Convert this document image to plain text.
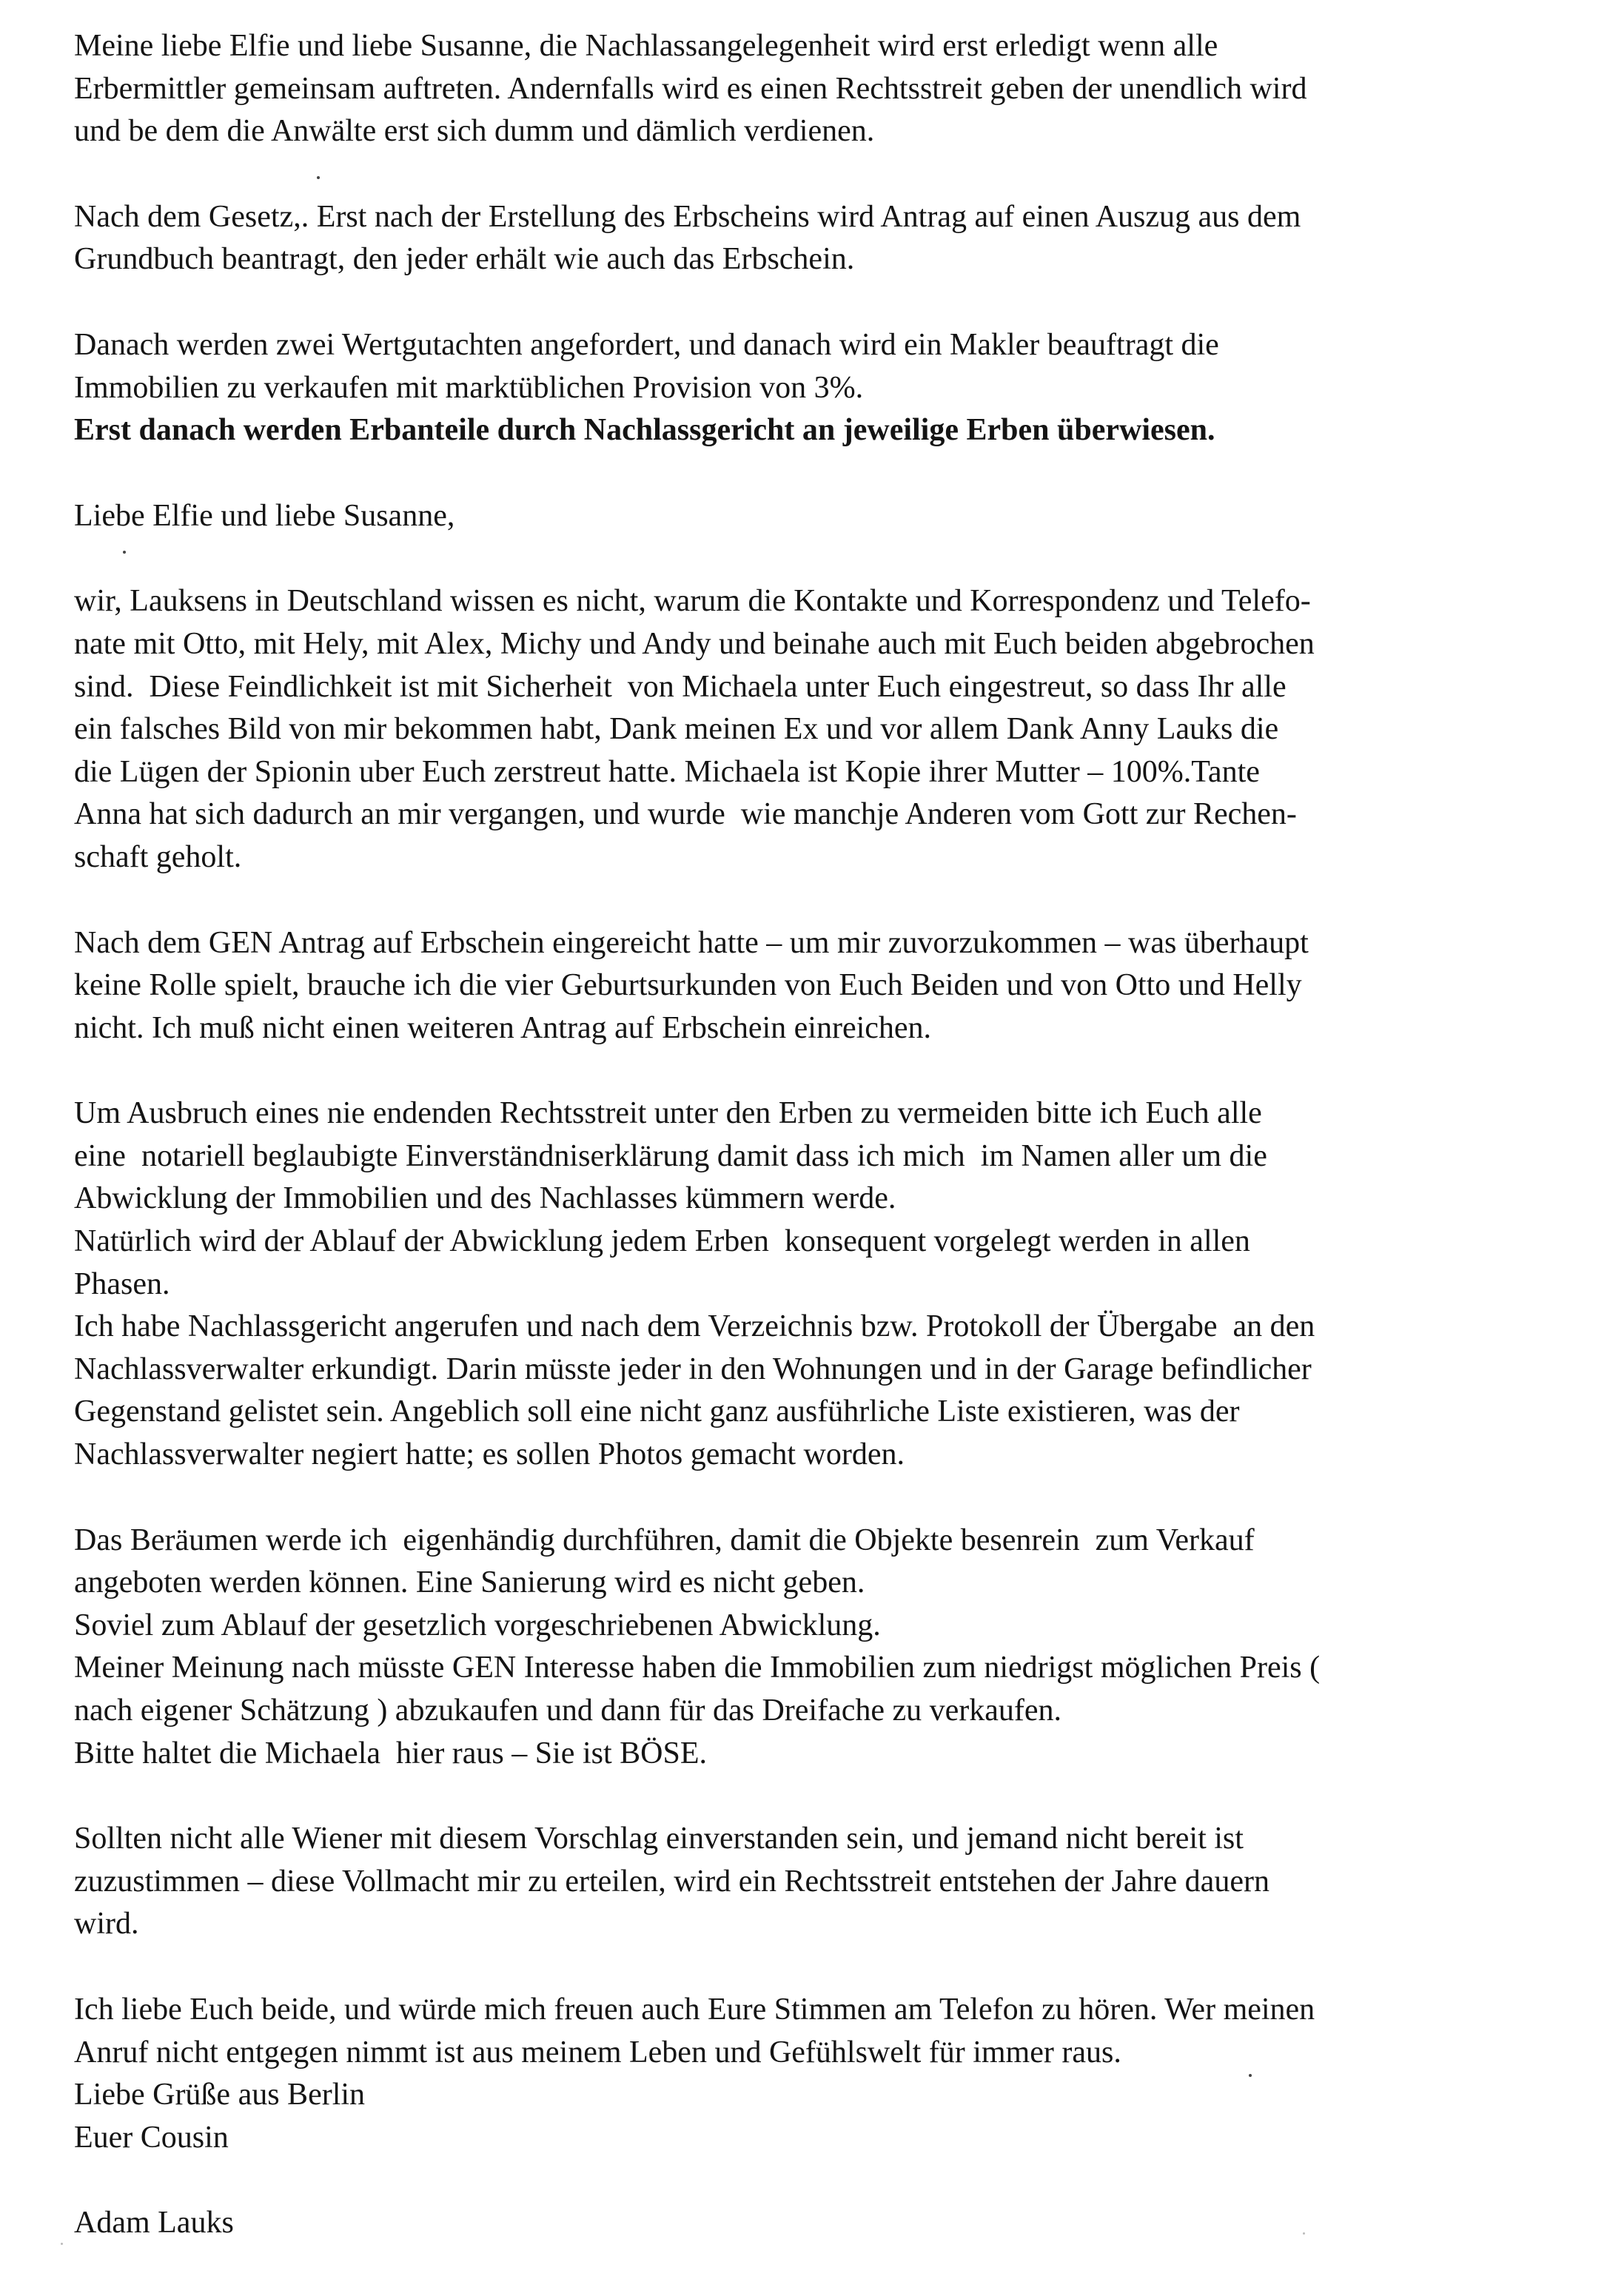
Meine liebe Elfie und liebe Susanne, die Nachlassangelegenheit wird erst erledigt wenn alle
Erbermittler gemeinsam auftreten. Andernfalls wird es einen Rechtsstreit geben der unendlich wird
und be dem die Anwälte erst sich dumm und dämlich verdienen.
Nach dem Gesetz,. Erst nach der Erstellung des Erbscheins wird Antrag auf einen Auszug aus dem
Grundbuch beantragt, den jeder erhält wie auch das Erbschein.
Danach werden zwei Wertgutachten angefordert, und danach wird ein Makler beauftragt die
Immobilien zu verkaufen mit marktüblichen Provision von 3%.
Erst danach werden Erbanteile durch Nachlassgericht an jeweilige Erben überwiesen.
Liebe Elfie und liebe Susanne,
wir, Lauksens in Deutschland wissen es nicht, warum die Kontakte und Korrespondenz und Telefo-
nate mit Otto, mit Hely, mit Alex, Michy und Andy und beinahe auch mit Euch beiden abgebrochen
sind.  Diese Feindlichkeit ist mit Sicherheit  von Michaela unter Euch eingestreut, so dass Ihr alle
ein falsches Bild von mir bekommen habt, Dank meinen Ex und vor allem Dank Anny Lauks die
die Lügen der Spionin uber Euch zerstreut hatte. Michaela ist Kopie ihrer Mutter – 100%.Tante
Anna hat sich dadurch an mir vergangen, und wurde  wie manchje Anderen vom Gott zur Rechen-
schaft geholt.
Nach dem GEN Antrag auf Erbschein eingereicht hatte – um mir zuvorzukommen – was überhaupt
keine Rolle spielt, brauche ich die vier Geburtsurkunden von Euch Beiden und von Otto und Helly
nicht. Ich muß nicht einen weiteren Antrag auf Erbschein einreichen.
Um Ausbruch eines nie endenden Rechtsstreit unter den Erben zu vermeiden bitte ich Euch alle
eine  notariell beglaubigte Einverständniserklärung damit dass ich mich  im Namen aller um die
Abwicklung der Immobilien und des Nachlasses kümmern werde.
Natürlich wird der Ablauf der Abwicklung jedem Erben  konsequent vorgelegt werden in allen
Phasen.
Ich habe Nachlassgericht angerufen und nach dem Verzeichnis bzw. Protokoll der Übergabe  an den
Nachlassverwalter erkundigt. Darin müsste jeder in den Wohnungen und in der Garage befindlicher
Gegenstand gelistet sein. Angeblich soll eine nicht ganz ausführliche Liste existieren, was der
Nachlassverwalter negiert hatte; es sollen Photos gemacht worden.
Das Beräumen werde ich  eigenhändig durchführen, damit die Objekte besenrein  zum Verkauf
angeboten werden können. Eine Sanierung wird es nicht geben.
Soviel zum Ablauf der gesetzlich vorgeschriebenen Abwicklung.
Meiner Meinung nach müsste GEN Interesse haben die Immobilien zum niedrigst möglichen Preis (
nach eigener Schätzung ) abzukaufen und dann für das Dreifache zu verkaufen.
Bitte haltet die Michaela  hier raus – Sie ist BÖSE.
Sollten nicht alle Wiener mit diesem Vorschlag einverstanden sein, und jemand nicht bereit ist
zuzustimmen – diese Vollmacht mir zu erteilen, wird ein Rechtsstreit entstehen der Jahre dauern
wird.
Ich liebe Euch beide, und würde mich freuen auch Eure Stimmen am Telefon zu hören. Wer meinen
Anruf nicht entgegen nimmt ist aus meinem Leben und Gefühlswelt für immer raus.
Liebe Grüße aus Berlin
Euer Cousin
Adam Lauks
